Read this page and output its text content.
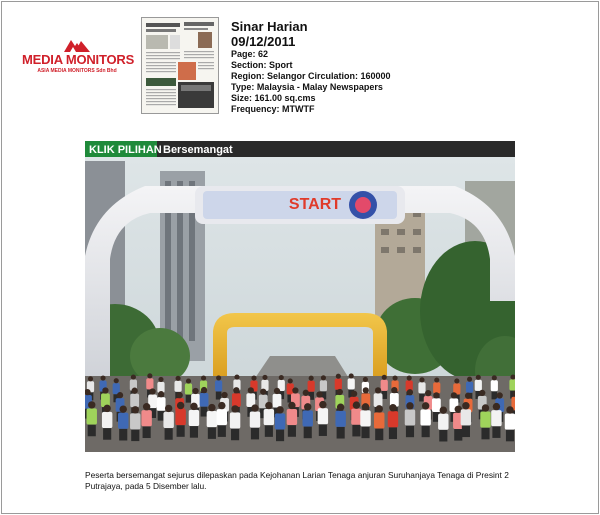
MEDIA MONITORS
ASIA MEDIA MONITORS Sdn Bhd
Sinar Harian
09/12/2011
Page: 62
Section: Sport
Region: Selangor Circulation: 160000
Type: Malaysia - Malay Newspapers
Size: 161.00 sq.cms
Frequency: MTWTF
START
KLIK PILIHAN Bersemangat
Peserta bersemangat sejurus dilepaskan pada Kejohanan Larian Tenaga anjuran Suruhanjaya Tenaga di Presint 2 Putrajaya, pada 5 Disember lalu.
